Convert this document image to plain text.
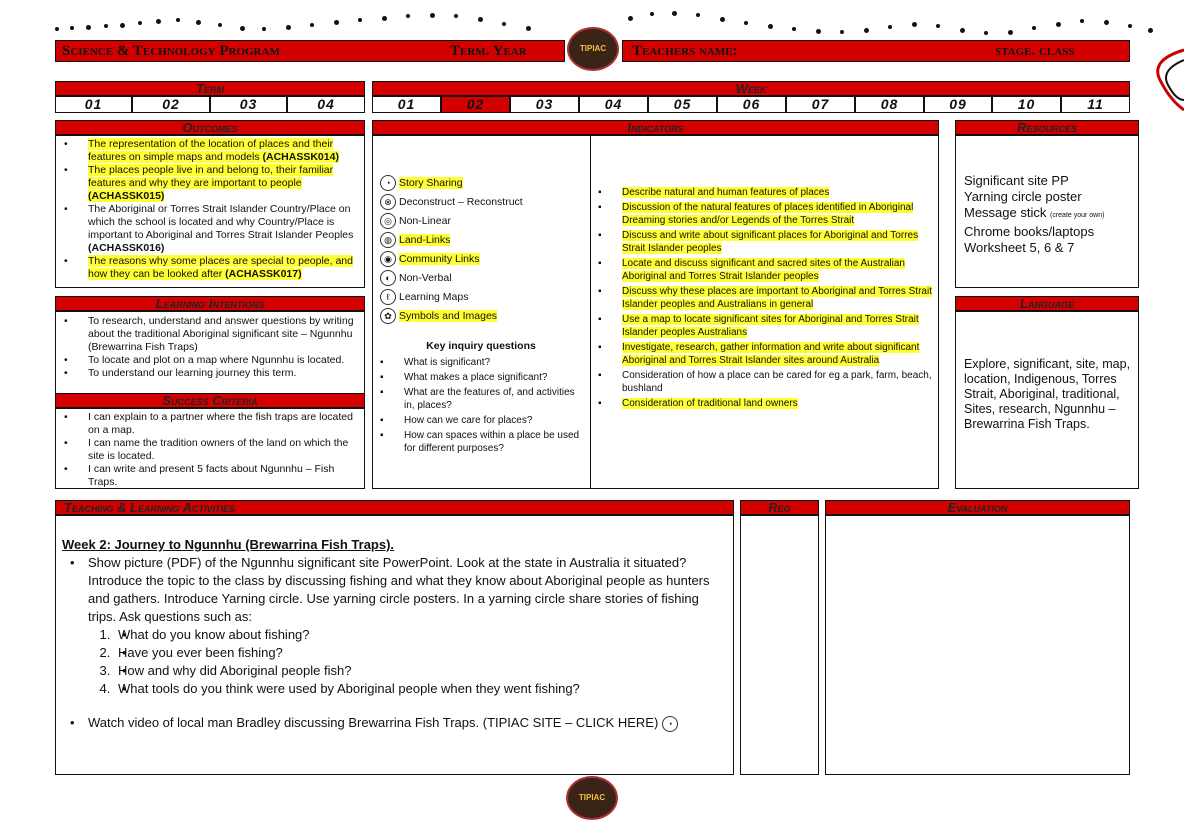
Science & Technology Program	Term. Year	Teachers name:	stage. class
TIPIAC
Term
01	02	03	04
Week
01	02	03	04	05	06	07	08	09	10	11
Outcomes
• The representation of the location of places and their features on simple maps and models (ACHASSK014)
• The places people live in and belong to, their familiar features and why they are important to people (ACHASSK015)
• The Aboriginal or Torres Strait Islander Country/Place on which the school is located and why Country/Place is important to Aboriginal and Torres Strait Islander Peoples (ACHASSK016)
• The reasons why some places are special to people, and how they can be looked after (ACHASSK017)
Learning Intentions
• To research, understand and answer questions by writing about the traditional Aboriginal significant site – Ngunnhu (Brewarrina Fish Traps)
• To locate and plot on a map where Ngunnhu is located.
• To understand our learning journey this term.
Success Criteria
• I can explain to a partner where the fish traps are located on a map.
• I can name the tradition owners of the land on which the site is located.
• I can write and present 5 facts about Ngunnhu – Fish Traps.
Indicators
◔ Story Sharing
⊗ Deconstruct – Reconstruct
◎ Non-Linear
◍ Land-Links
◉ Community Links
◐ Non-Verbal
ℓ Learning Maps
✿ Symbols and Images
Key inquiry questions
▪ What is significant?
▪ What makes a place significant?
▪ What are the features of, and activities in, places?
▪ How can we care for places?
▪ How can spaces within a place be used for different purposes?
▪ Describe natural and human features of places
▪ Discussion of the natural features of places identified in Aboriginal Dreaming stories and/or Legends of the Torres Strait
▪ Discuss and write about significant places for Aboriginal and Torres Strait Islander peoples
▪ Locate and discuss significant and sacred sites of the Australian Aboriginal and Torres Strait Islander peoples
▪ Discuss why these places are important to Aboriginal and Torres Strait Islander peoples and Australians in general
▪ Use a map to locate significant sites for Aboriginal and Torres Strait Islander peoples Australians
▪ Investigate, research, gather information and write about significant Aboriginal and Torres Strait Islander sites around Australia
▪ Consideration of how a place can be cared for eg a park, farm, beach, bushland
▪ Consideration of traditional land owners
Resources
Significant site PP
Yarning circle poster
Message stick (create your own)
Chrome books/laptops
Worksheet 5, 6 & 7
Language
Explore, significant, site, map, location, Indigenous, Torres Strait, Aboriginal, traditional, Sites, research, Ngunnhu – Brewarrina Fish Traps.
Teaching & Learning Activities
Week 2: Journey to Ngunnhu (Brewarrina Fish Traps).
• Show picture (PDF) of the Ngunnhu significant site PowerPoint. Look at the state in Australia it situated? Introduce the topic to the class by discussing fishing and what they know about Aboriginal people as hunters and gathers. Introduce Yarning circle. Use yarning circle posters. In a yarning circle share stories of fishing trips. Ask questions such as:
• 1. What do you know about fishing?
• 2. Have you ever been fishing?
• 3. How and why did Aboriginal people fish?
• 4. What tools do you think were used by Aboriginal people when they went fishing?
• Watch video of local man Bradley discussing Brewarrina Fish Traps. (TIPIAC SITE – CLICK HERE) ◔
Reg	Evaluation
TIPIAC
